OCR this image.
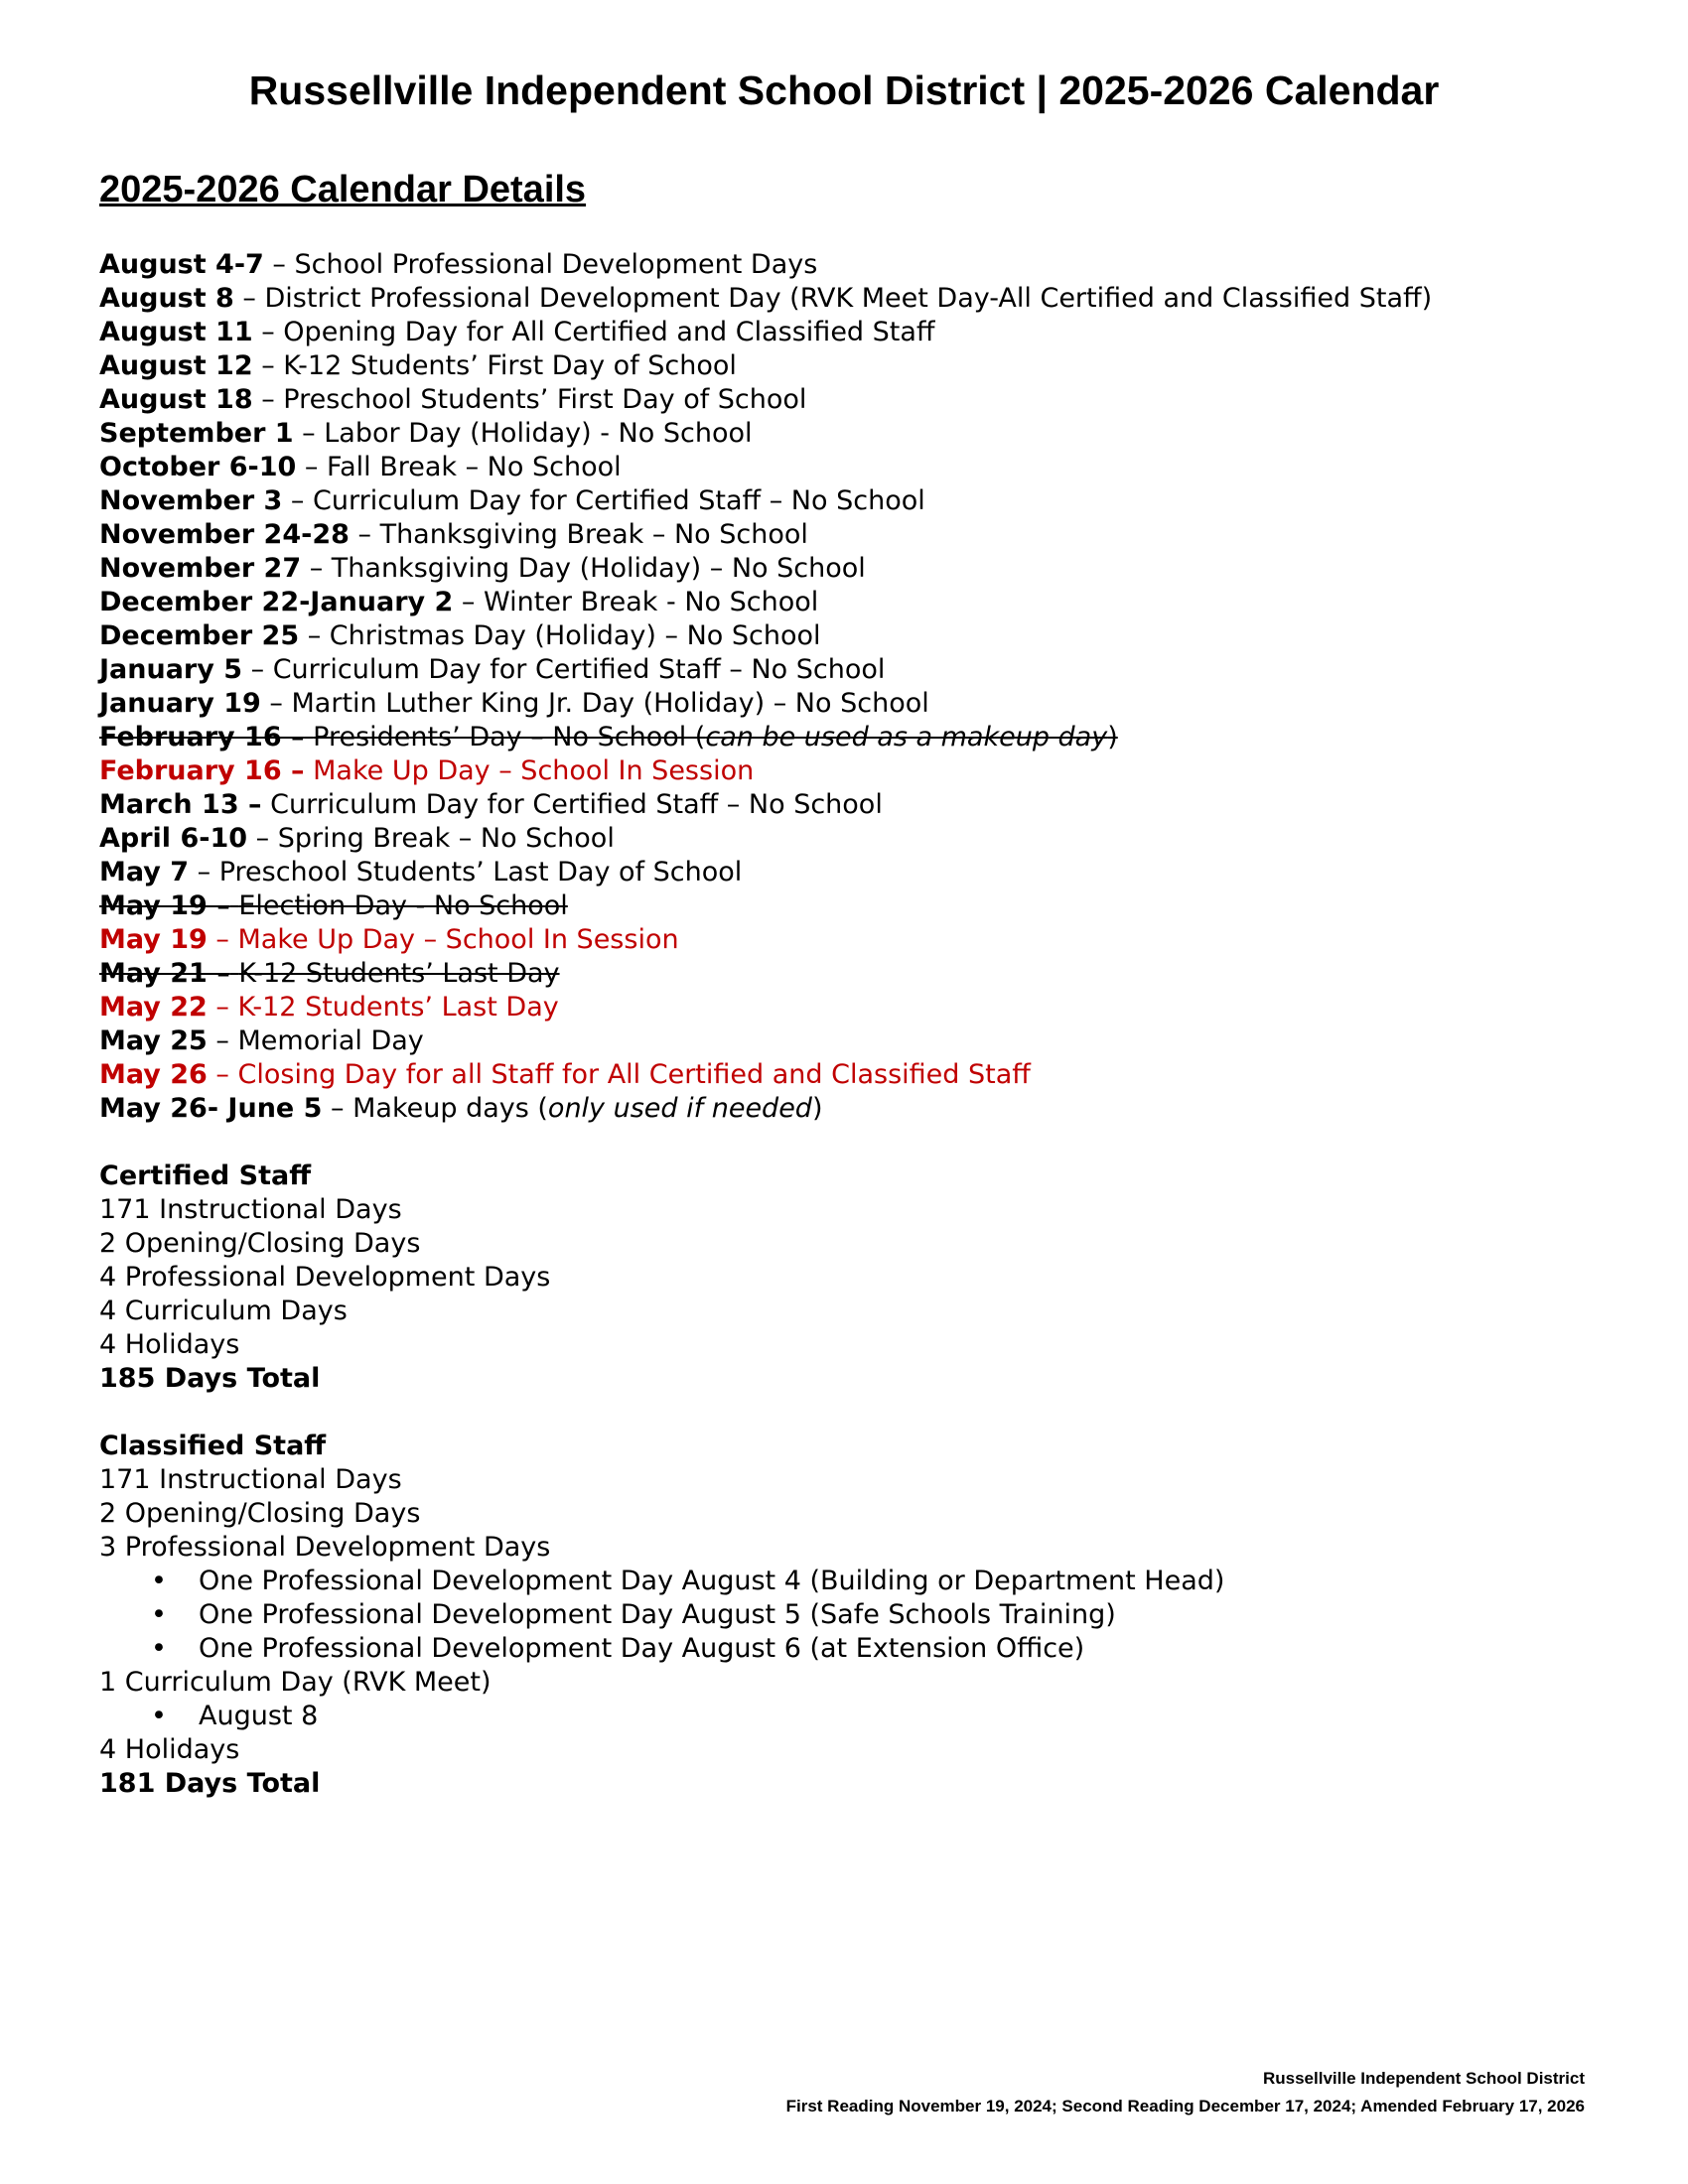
Russellville Independent School District | 2025-2026 Calendar
2025-2026 Calendar Details
August 4-7 – School Professional Development Days
August 8 – District Professional Development Day (RVK Meet Day-All Certified and Classified Staff)
August 11 – Opening Day for All Certified and Classified Staff
August 12 – K-12 Students’ First Day of School
August 18 – Preschool Students’ First Day of School
September 1 – Labor Day (Holiday) - No School
October 6-10 – Fall Break – No School
November 3 – Curriculum Day for Certified Staff – No School
November 24-28 – Thanksgiving Break – No School
November 27 – Thanksgiving Day (Holiday) – No School
December 22-January 2 – Winter Break - No School
December 25 – Christmas Day (Holiday) – No School
January 5 – Curriculum Day for Certified Staff – No School
January 19 – Martin Luther King Jr. Day (Holiday) – No School
February 16 – Presidents’ Day – No School (can be used as a makeup day)
February 16 – Make Up Day – School In Session
March 13 – Curriculum Day for Certified Staff – No School
April 6-10 – Spring Break – No School
May 7 – Preschool Students’ Last Day of School
May 19 – Election Day - No School
May 19 – Make Up Day – School In Session
May 21 – K-12 Students’ Last Day
May 22 – K-12 Students’ Last Day
May 25 – Memorial Day
May 26 – Closing Day for all Staff for All Certified and Classified Staff
May 26- June 5 – Makeup days (only used if needed)
Certified Staff
171 Instructional Days
2 Opening/Closing Days
4 Professional Development Days
4 Curriculum Days
4 Holidays
185 Days Total
Classified Staff
171 Instructional Days
2 Opening/Closing Days
3 Professional Development Days
• One Professional Development Day August 4 (Building or Department Head)
• One Professional Development Day August 5 (Safe Schools Training)
• One Professional Development Day August 6 (at Extension Office)
1 Curriculum Day (RVK Meet)
• August 8
4 Holidays
181 Days Total
Russellville Independent School District
First Reading November 19, 2024; Second Reading December 17, 2024; Amended February 17, 2026
